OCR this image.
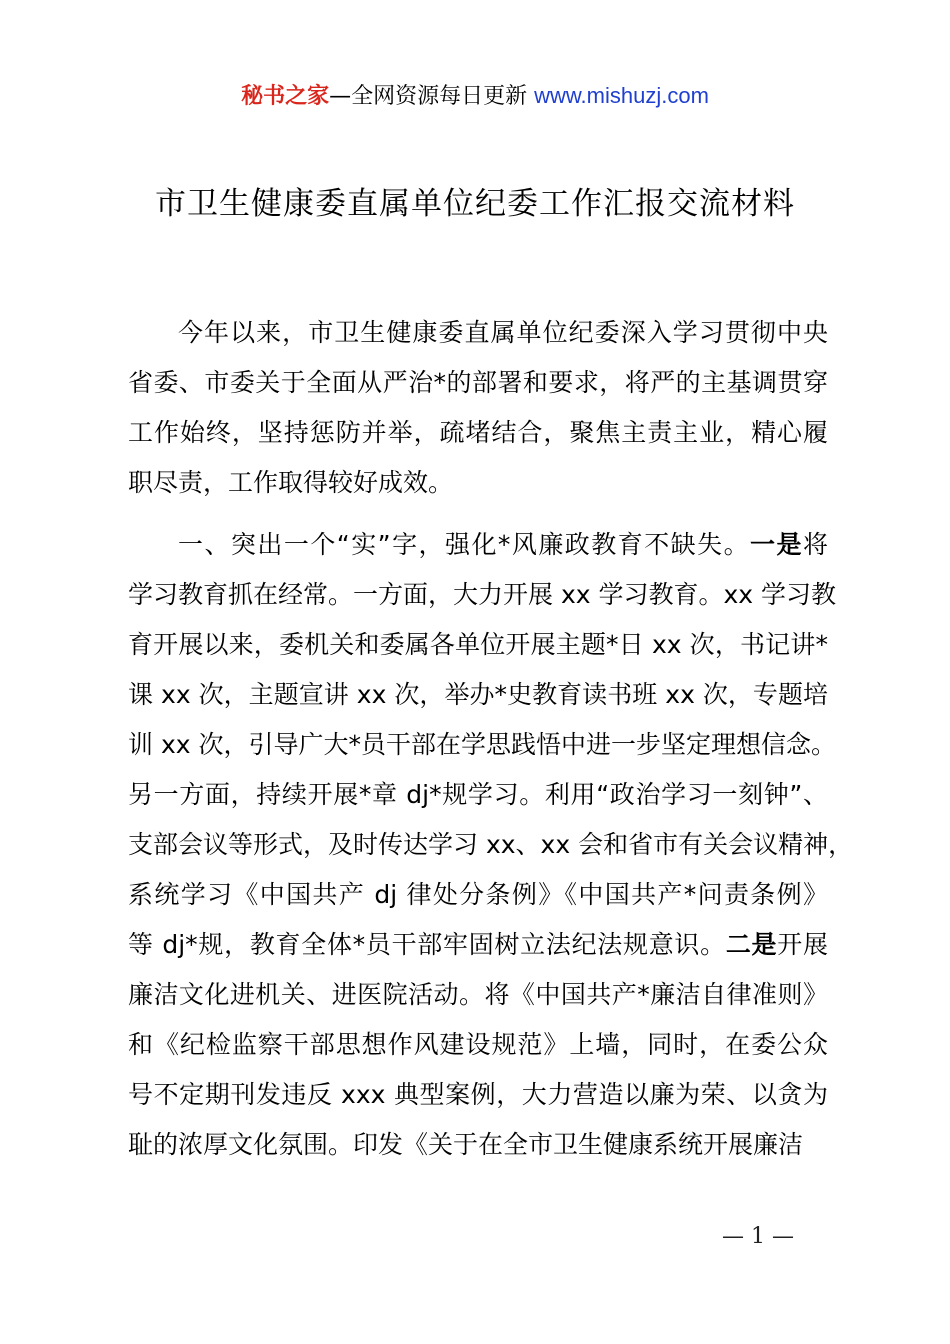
秘书之家—全网资源每日更新 www.mishuzj.com
市卫生健康委直属单位纪委工作汇报交流材料
今年以来，市卫生健康委直属单位纪委深入学习贯彻中央
省委、市委关于全面从严治*的部署和要求，将严的主基调贯穿
工作始终，坚持惩防并举，疏堵结合，聚焦主责主业，精心履
职尽责，工作取得较好成效。
一、突出一个“实”字，强化*风廉政教育不缺失。一是将
学习教育抓在经常。一方面，大力开展 xx 学习教育。xx 学习教
育开展以来，委机关和委属各单位开展主题*日 xx 次，书记讲*
课 xx 次，主题宣讲 xx 次，举办*史教育读书班 xx 次，专题培
训 xx 次，引导广大*员干部在学思践悟中进一步坚定理想信念。
另一方面，持续开展*章 dj*规学习。利用“政治学习一刻钟”、
支部会议等形式，及时传达学习 xx、xx 会和省市有关会议精神，
系统学习《中国共产 dj 律处分条例》《中国共产*问责条例》
等 dj*规，教育全体*员干部牢固树立法纪法规意识。二是开展
廉洁文化进机关、进医院活动。将《中国共产*廉洁自律准则》
和《纪检监察干部思想作风建设规范》上墙，同时，在委公众
号不定期刊发违反 xxx 典型案例，大力营造以廉为荣、以贪为
耻的浓厚文化氛围。印发《关于在全市卫生健康系统开展廉洁
— 1 —
